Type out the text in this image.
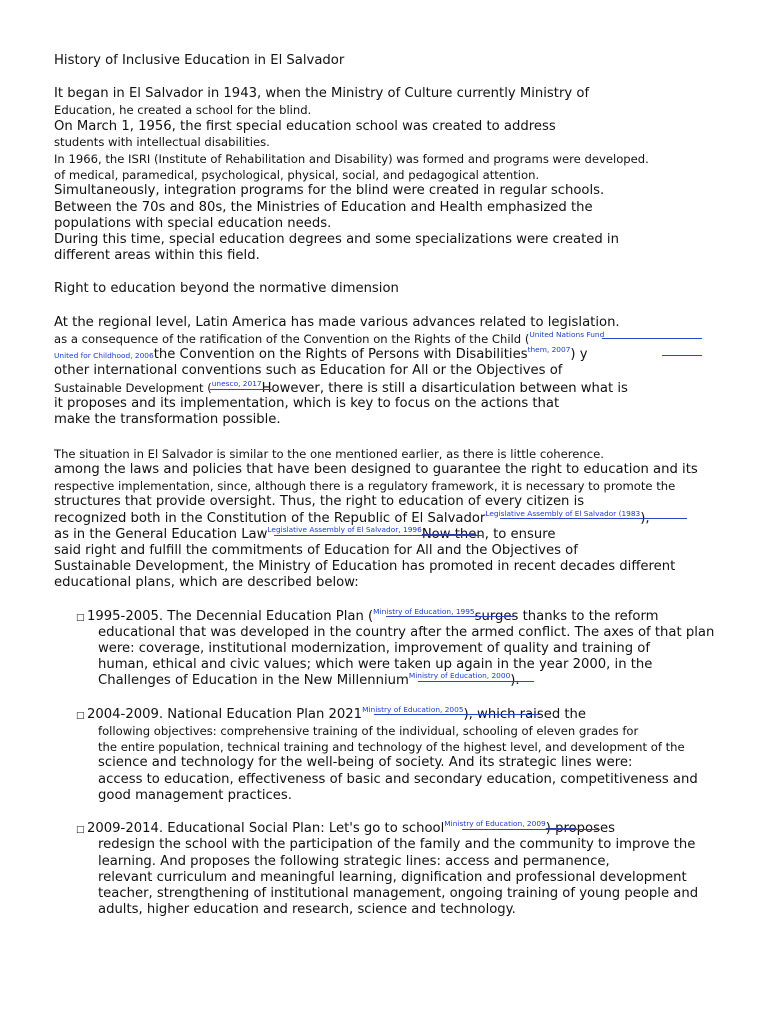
History of Inclusive Education in El Salvador
It began in El Salvador in 1943, when the Ministry of Culture currently Ministry of
Education, he created a school for the blind.
On March 1, 1956, the first special education school was created to address
students with intellectual disabilities.
In 1966, the ISRI (Institute of Rehabilitation and Disability) was formed and programs were developed.
of medical, paramedical, psychological, physical, social, and pedagogical attention.
Simultaneously, integration programs for the blind were created in regular schools.
Between the 70s and 80s, the Ministries of Education and Health emphasized the
populations with special education needs.
During this time, special education degrees and some specializations were created in
different areas within this field.
Right to education beyond the normative dimension
At the regional level, Latin America has made various advances related to legislation.
as a consequence of the ratification of the Convention on the Rights of the Child ($^{United Nations Fund}$
United for Childhood, 2006the Convention on the Rights of Persons with Disabilities$^{them, 2007}$) y
other international conventions such as Education for All or the Objectives of
Sustainable Development ($^{unesco, 2017}$However, there is still a disarticulation between what is
it proposes and its implementation, which is key to focus on the actions that
make the transformation possible.
The situation in El Salvador is similar to the one mentioned earlier, as there is little coherence.
among the laws and policies that have been designed to guarantee the right to education and its
respective implementation, since, although there is a regulatory framework, it is necessary to promote the
structures that provide oversight. Thus, the right to education of every citizen is
recognized both in the Constitution of the Republic of El Salvador$^{Legislative Assembly of El Salvador (1983}$),
as in the General Education Law$^{Legislative Assembly of El Salvador, 1996}$Now then, to ensure
said right and fulfill the commitments of Education for All and the Objectives of
Sustainable Development, the Ministry of Education has promoted in recent decades different
educational plans, which are described below:
□ 1995-2005. The Decennial Education Plan ($^{Ministry of Education, 1995}$surges thanks to the reform
educational that was developed in the country after the armed conflict. The axes of that plan
were: coverage, institutional modernization, improvement of quality and training of
human, ethical and civic values; which were taken up again in the year 2000, in the
Challenges of Education in the New Millennium$^{Ministry of Education, 2000}$).
□ 2004-2009. National Education Plan 2021$^{Ministry of Education, 2005}$), which raised the
following objectives: comprehensive training of the individual, schooling of eleven grades for
the entire population, technical training and technology of the highest level, and development of the
science and technology for the well-being of society. And its strategic lines were:
access to education, effectiveness of basic and secondary education, competitiveness and
good management practices.
□ 2009-2014. Educational Social Plan: Let's go to school$^{Ministry of Education, 2009}$) proposes
redesign the school with the participation of the family and the community to improve the
learning. And proposes the following strategic lines: access and permanence,
relevant curriculum and meaningful learning, dignification and professional development
teacher, strengthening of institutional management, ongoing training of young people and
adults, higher education and research, science and technology.
